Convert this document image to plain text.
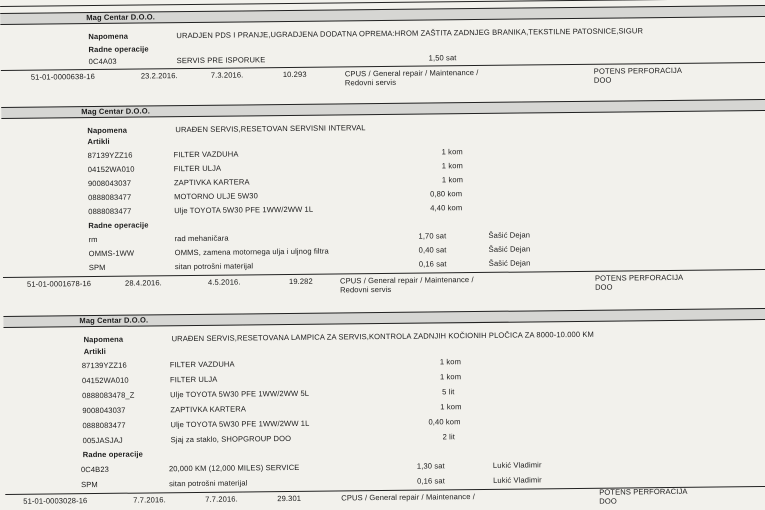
Mag Centar D.O.O.
Napomena	URADJEN PDS I PRANJE,UGRADJENA DODATNA OPREMA:HROM ZAŠTITA ZADNJEG BRANIKA,TEKSTILNE PATOSNICE,SIGUR
Radne operacije
0C4A03	SERVIS PRE ISPORUKE	1,50 sat
51-01-0000638-16	23.2.2016.	7.3.2016.	10.293	CPUS / General repair / Maintenance /
Redovni servis
POTENS PERFORACIJA
DOO
Mag Centar D.O.O.
Napomena	URAĐEN SERVIS,RESETOVAN SERVISNI INTERVAL
Artikli
87139YZZ16	FILTER VAZDUHA	1 kom
04152WA010	FILTER ULJA	1 kom
9008043037	ZAPTIVKA KARTERA	1 kom
0888083477	MOTORNO ULJE 5W30	0,80 kom
0888083477	Ulje TOYOTA 5W30 PFE 1WW/2WW 1L	4,40 kom
Radne operacije
rm	rad mehaničara	1,70 sat	Šašić Dejan
OMMS-1WW	OMMS, zamena motornega ulja i uljnog filtra	0,40 sat	Šašić Dejan
SPM	sitan potrošni materijal	0,16 sat	Šašić Dejan
51-01-0001678-16	28.4.2016.	4.5.2016.	19.282	CPUS / General repair / Maintenance /
Redovni servis
POTENS PERFORACIJA
DOO
Mag Centar D.O.O.
Napomena	URAĐEN SERVIS,RESETOVANA LAMPICA ZA SERVIS,KONTROLA ZADNJIH KOČIONIH PLOČICA ZA 8000-10.000 KM
Artikli
87139YZZ16	FILTER VAZDUHA	1 kom
04152WA010	FILTER ULJA	1 kom
0888083478_Z	Ulje TOYOTA 5W30 PFE 1WW/2WW 5L	5 lit
9008043037	ZAPTIVKA KARTERA	1 kom
0888083477	Ulje TOYOTA 5W30 PFE 1WW/2WW 1L	0,40 kom
005JASJAJ	Sjaj za staklo, SHOPGROUP DOO	2 lit
Radne operacije
0C4B23	20,000 KM (12,000 MILES) SERVICE	1,30 sat	Lukić Vladimir
SPM	sitan potrošni materijal	0,16 sat	Lukić Vladimir
51-01-0003028-16	7.7.2016.	7.7.2016.	29.301	CPUS / General repair / Maintenance /
POTENS PERFORACIJA
DOO
